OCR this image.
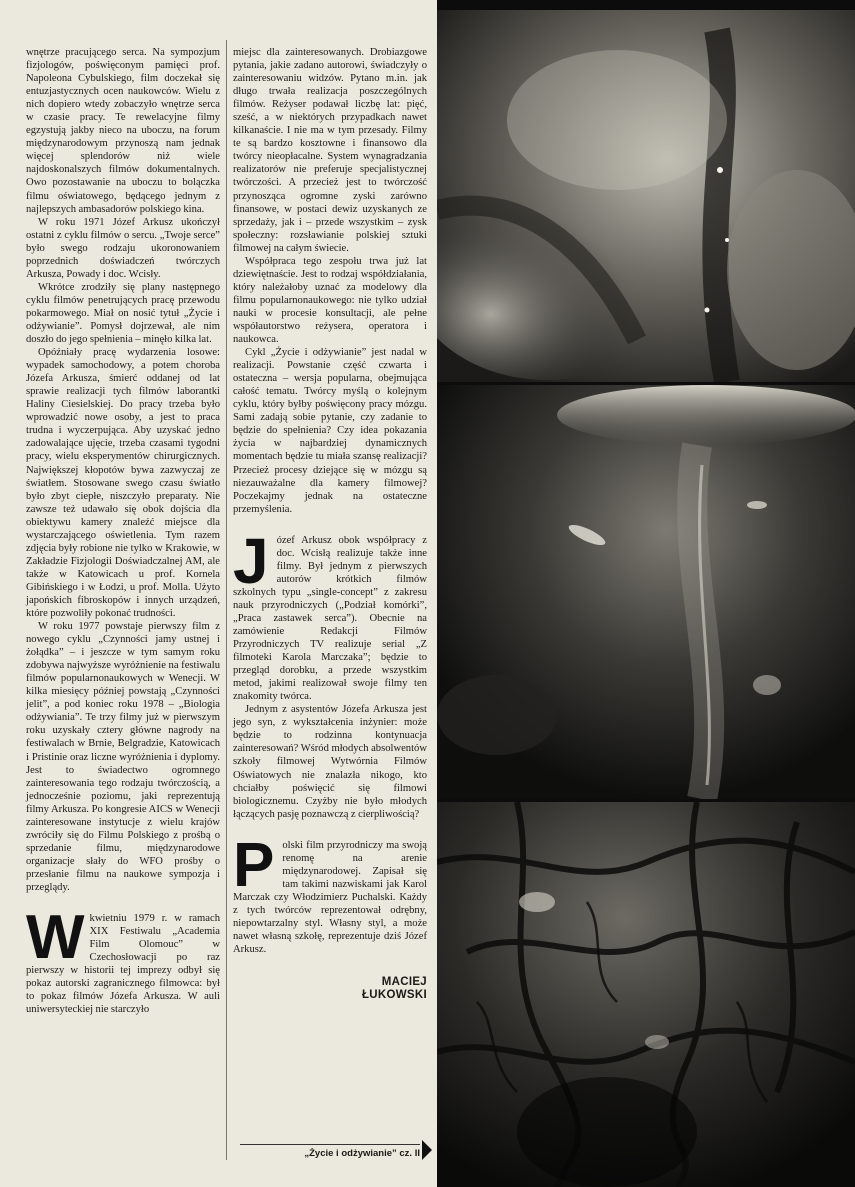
wnętrze pracującego serca. Na sympozjum fizjologów, poświęconym pamięci prof. Napoleona Cybulskiego, film doczekał się entuzjastycznych ocen naukowców. Wielu z nich dopiero wtedy zobaczyło wnętrze serca w czasie pracy. Te rewelacyjne filmy egzystują jakby nieco na uboczu, na forum międzynarodowym przynoszą nam jednak więcej splendorów niż wiele najdoskonalszych filmów dokumentalnych. Owo pozostawanie na uboczu to bolączka filmu oświatowego, będącego jednym z najlepszych ambasadorów polskiego kina.

W roku 1971 Józef Arkusz ukończył ostatni z cyklu filmów o sercu. „Twoje serce” było swego rodzaju ukoronowaniem poprzednich doświadczeń twórczych Arkusza, Powady i doc. Wcisły.

Wkrótce zrodziły się plany następnego cyklu filmów penetrujących pracę przewodu pokarmowego. Miał on nosić tytuł „Życie i odżywianie”. Pomysł dojrzewał, ale nim doszło do jego spełnienia – minęło kilka lat.

Opóźniały pracę wydarzenia losowe: wypadek samochodowy, a potem choroba Józefa Arkusza, śmierć oddanej od lat sprawie realizacji tych filmów laborantki Haliny Ciesielskiej. Do pracy trzeba było wprowadzić nowe osoby, a jest to praca trudna i wyczerpująca. Aby uzyskać jedno zadowalające ujęcie, trzeba czasami tygodni pracy, wielu eksperymentów chirurgicznych. Największej kłopotów bywa zazwyczaj ze światłem. Stosowane swego czasu światło było zbyt ciepłe, niszczyło preparaty. Nie zawsze też udawało się obok dojścia dla obiektywu kamery znaleźć miejsce dla wystarczającego oświetlenia. Tym razem zdjęcia były robione nie tylko w Krakowie, w Zakładzie Fizjologii Doświadczalnej AM, ale także w Katowicach u prof. Kornela Gibińskiego i w Łodzi, u prof. Molla. Użyto japońskich fibroskopów i innych urządzeń, które pozwoliły pokonać trudności.

W roku 1977 powstaje pierwszy film z nowego cyklu „Czynności jamy ustnej i żołądka” – i jeszcze w tym samym roku zdobywa najwyższe wyróżnienie na festiwalu filmów popularnonaukowych w Wenecji. W kilka miesięcy później powstają „Czynności jelit”, a pod koniec roku 1978 – „Biologia odżywiania”. Te trzy filmy już w pierwszym roku uzyskały cztery główne nagrody na festiwalach w Brnie, Belgradzie, Katowicach i Pristinie oraz liczne wyróżnienia i dyplomy. Jest to świadectwo ogromnego zainteresowania tego rodzaju twórczością, a jednocześnie poziomu, jaki reprezentują filmy Arkusza. Po kongresie AICS w Wenecji zainteresowane instytucje z wielu krajów zwróciły się do Filmu Polskiego z prośbą o sprzedanie filmu, międzynarodowe organizacje słały do WFO prośby o przesłanie filmu na naukowe sympozja i przeglądy.

W kwietniu 1979 r. w ramach XIX Festiwalu „Academia Film Olomouc” w Czechosłowacji po raz pierwszy w historii tej imprezy odbył się pokaz autorski zagranicznego filmowca: był to pokaz filmów Józefa Arkusza. W auli uniwersyteckiej nie starczyło

miejsc dla zainteresowanych. Drobiazgowe pytania, jakie zadano autorowi, świadczyły o zainteresowaniu widzów. Pytano m.in. jak długo trwała realizacja poszczególnych filmów. Reżyser podawał liczbę lat: pięć, sześć, a w niektórych przypadkach nawet kilkanaście. I nie ma w tym przesady. Filmy te są bardzo kosztowne i finansowo dla twórcy nieopłacalne. System wynagradzania realizatorów nie preferuje specjalistycznej twórczości. A przecież jest to twórczość przynosząca ogromne zyski zarówno finansowe, w postaci dewiz uzyskanych ze sprzedaży, jak i – przede wszystkim – zysk społeczny: rozsławianie polskiej sztuki filmowej na całym świecie.

Współpraca tego zespołu trwa już lat dziewiętnaście. Jest to rodzaj współdziałania, który należałoby uznać za modelowy dla filmu popularnonaukowego: nie tylko udział nauki w procesie konsultacji, ale pełne współautorstwo reżysera, operatora i naukowca.

Cykl „Życie i odżywianie” jest nadal w realizacji. Powstanie część czwarta i ostateczna – wersja popularna, obejmująca całość tematu. Twórcy myślą o kolejnym cyklu, który byłby poświęcony pracy mózgu. Sami zadają sobie pytanie, czy zadanie to będzie do spełnienia? Czy idea pokazania życia w najbardziej dynamicznych momentach będzie tu miała szansę realizacji? Przecież procesy dziejące się w mózgu są niezauważalne dla kamery filmowej? Poczekajmy jednak na ostateczne przemyślenia.

J ózef Arkusz obok współpracy z doc. Wcisłą realizuje także inne filmy. Był jednym z pierwszych autorów krótkich filmów szkolnych typu „single-concept” z zakresu nauk przyrodniczych („Podział komórki”, „Praca zastawek serca”). Obecnie na zamówienie Redakcji Filmów Przyrodniczych TV realizuje serial „Z filmoteki Karola Marczaka”; będzie to przegląd dorobku, a przede wszystkim metod, jakimi realizował swoje filmy ten znakomity twórca.

Jednym z asystentów Józefa Arkusza jest jego syn, z wykształcenia inżynier: może będzie to rodzinna kontynuacja zainteresowań? Wśród młodych absolwentów szkoły filmowej Wytwórnia Filmów Oświatowych nie znalazła nikogo, kto chciałby poświęcić się filmowi biologicznemu. Czyżby nie było młodych łączących pasję poznawczą z cierpliwością?

P olski film przyrodniczy ma swoją renomę na arenie międzynarodowej. Zapisał się tam takimi nazwiskami jak Karol Marczak czy Włodzimierz Puchalski. Każdy z tych twórców reprezentował odrębny, niepowtarzalny styl. Własny styl, a może nawet własną szkołę, reprezentuje dziś Józef Arkusz.

MACIEJ
ŁUKOWSKI
„Życie i odżywianie” cz. II
